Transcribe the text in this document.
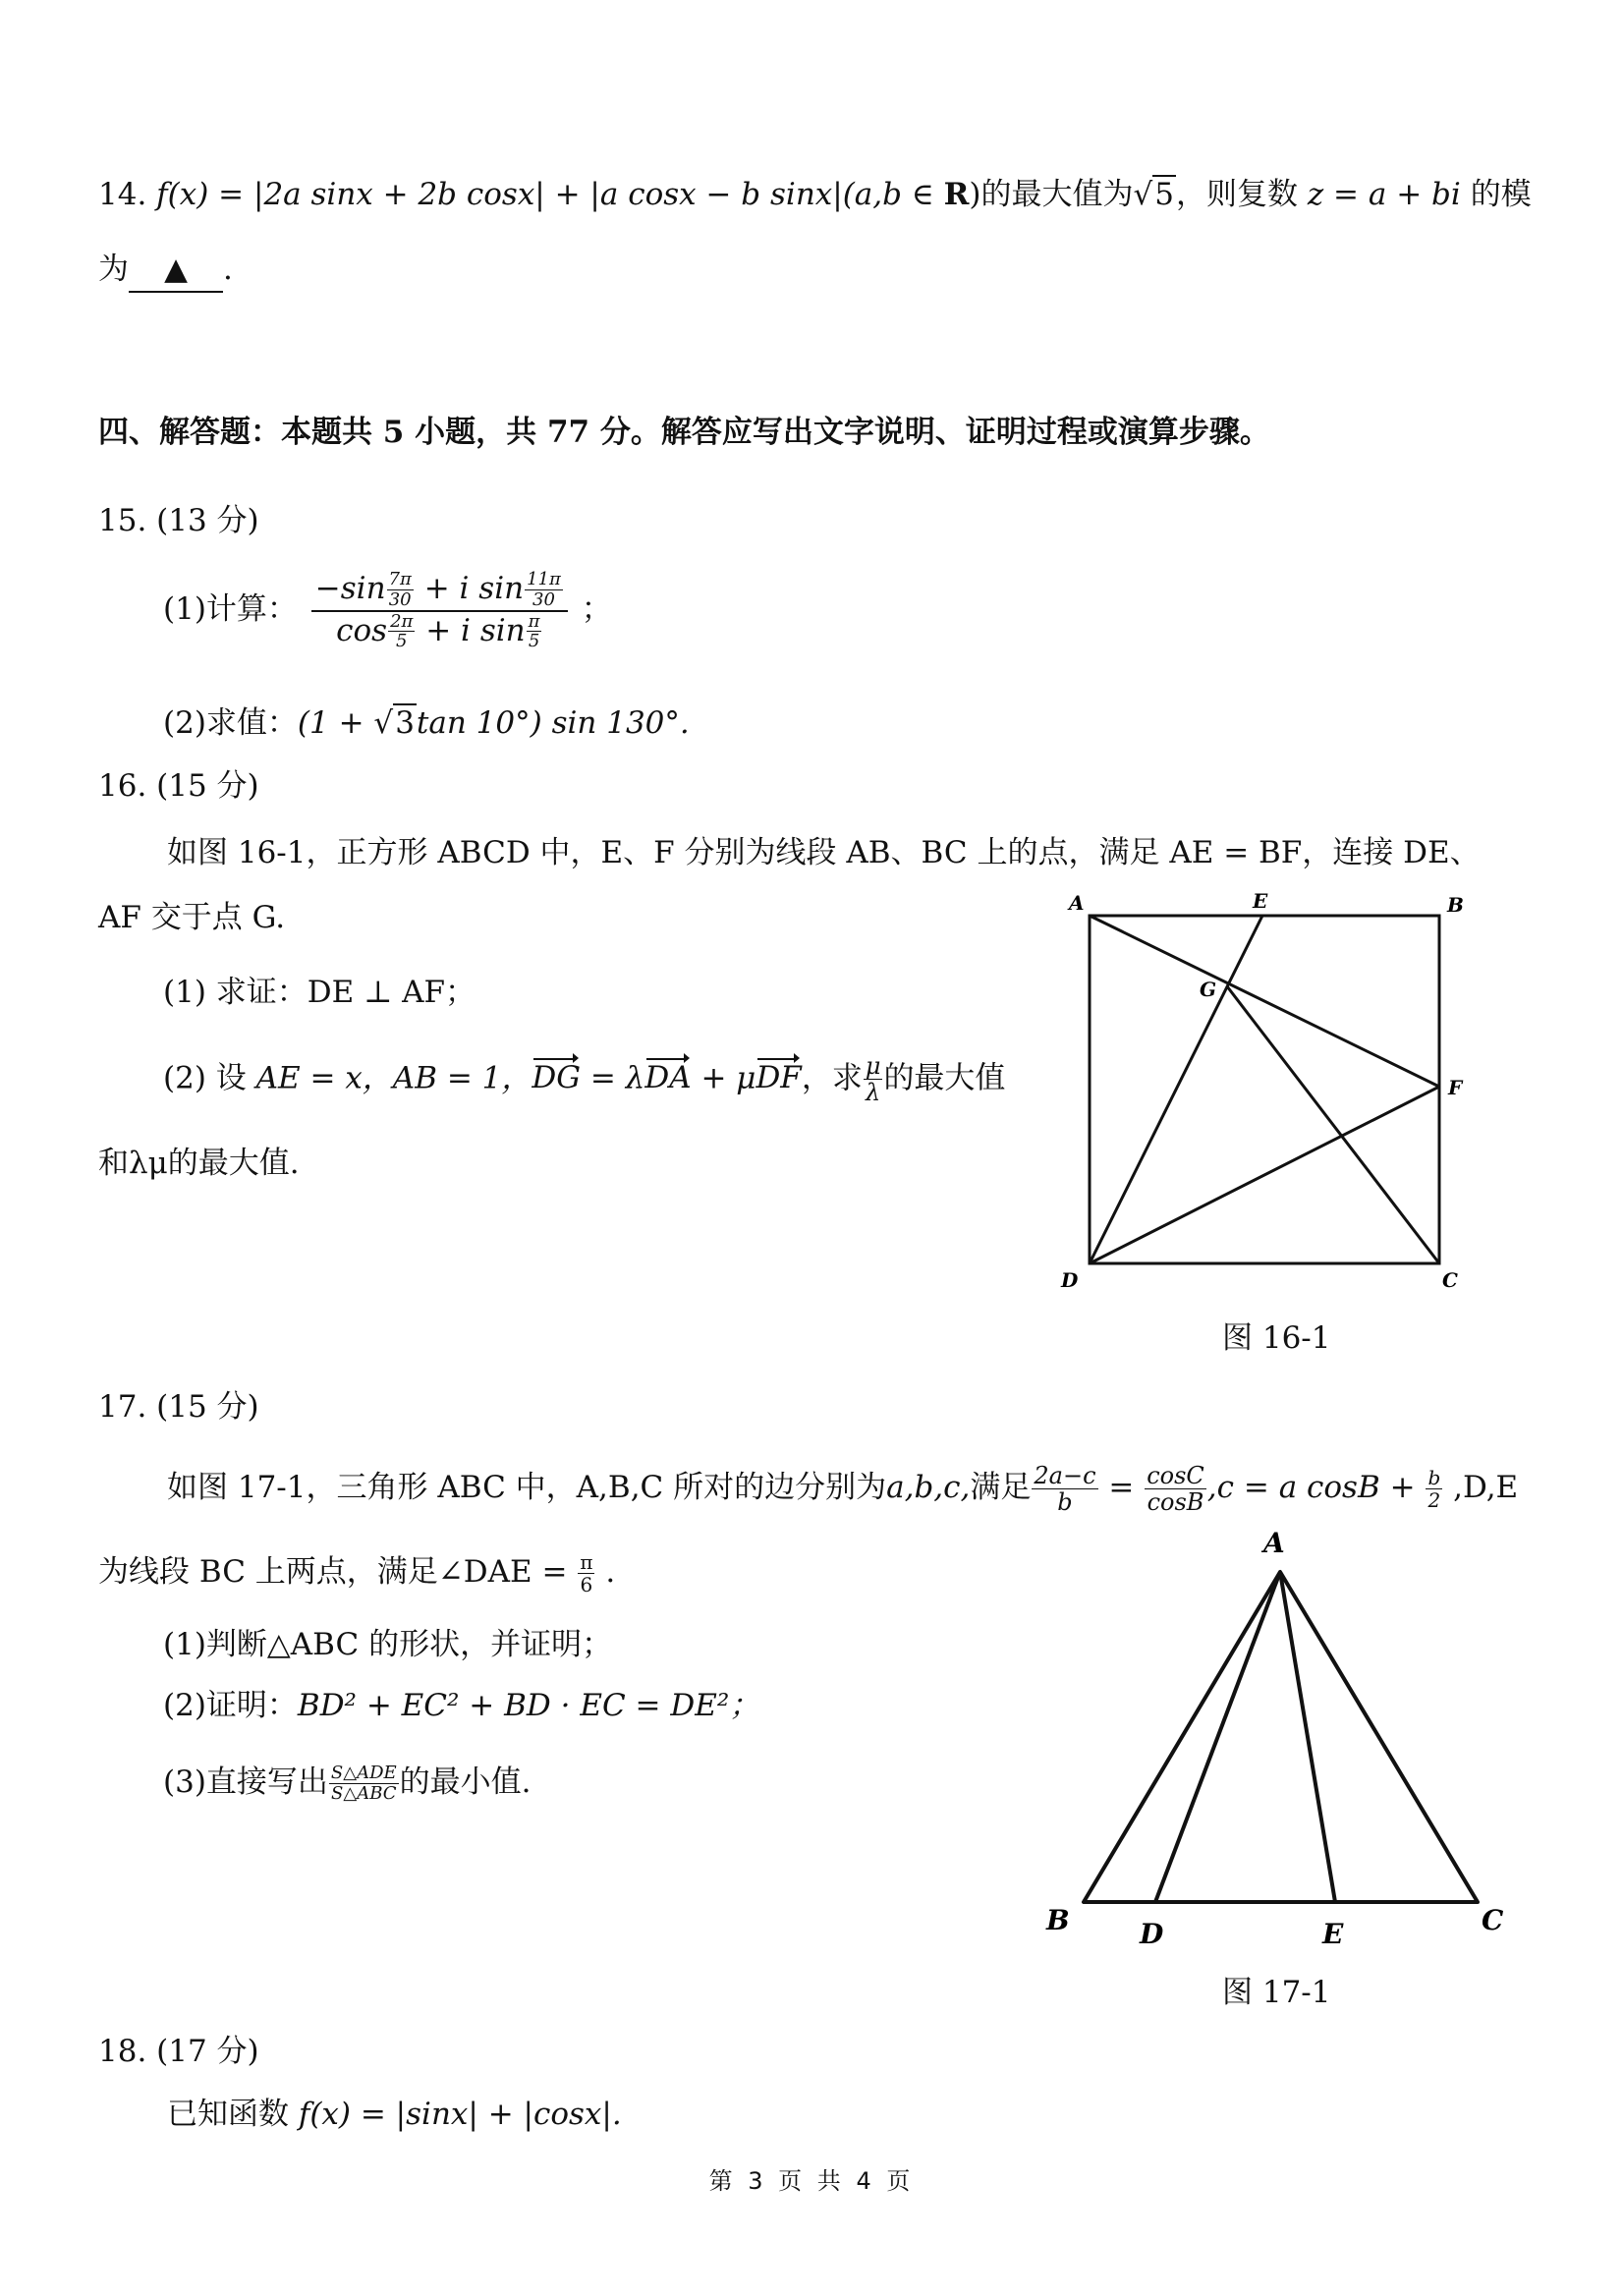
14. f(x) = |2a sinx + 2b cosx| + |a cosx − b sinx|(a,b ∈ R)的最大值为√5，则复数 z = a + bi 的模
为 ▲ .
四、解答题：本题共 5 小题，共 77 分。解答应写出文字说明、证明过程或演算步骤。
15. (13 分)
(1)计算： $\frac{-\sin \frac{7\pi}{30} + i \sin \frac{11\pi}{30}}{\cos \frac{2\pi}{5} + i \sin \frac{\pi}{5}}$ ；
(2)求值：(1 + √3tan 10°) sin 130°.
16. (15 分)
如图 16-1，正方形 ABCD 中，E、F 分别为线段 AB、BC 上的点，满足 AE = BF，连接 DE、
AF 交于点 G.
(1) 求证：DE ⊥ AF；
(2) 设 AE = x，AB = 1，DG = λDA + μDF，求 $\frac{\mu}{\lambda}$ 的最大值
和λμ的最大值.
A	E	B
G
F
D	C
图 16-1
17. (15 分)
如图 17-1，三角形 ABC 中，A,B,C 所对的边分别为a,b,c,满足 $\frac{2a-c}{b} = \frac{\cos C}{\cos B} ,c = a$ $\cos B + \frac{b}{2} ,D,E$
为线段 BC 上两点，满足∠DAE = $\frac{\pi}{6}$ .
(1)判断△ABC 的形状，并证明；
(2)证明：BD² + EC² + BD · EC = DE²；
(3)直接写出 S△ADE
S△ABC 的最小值.
A
B	D	E	C
图 17-1
18. (17 分)
已知函数 f(x) = |sinx| + |cosx|.
第 3 页 共 4 页
